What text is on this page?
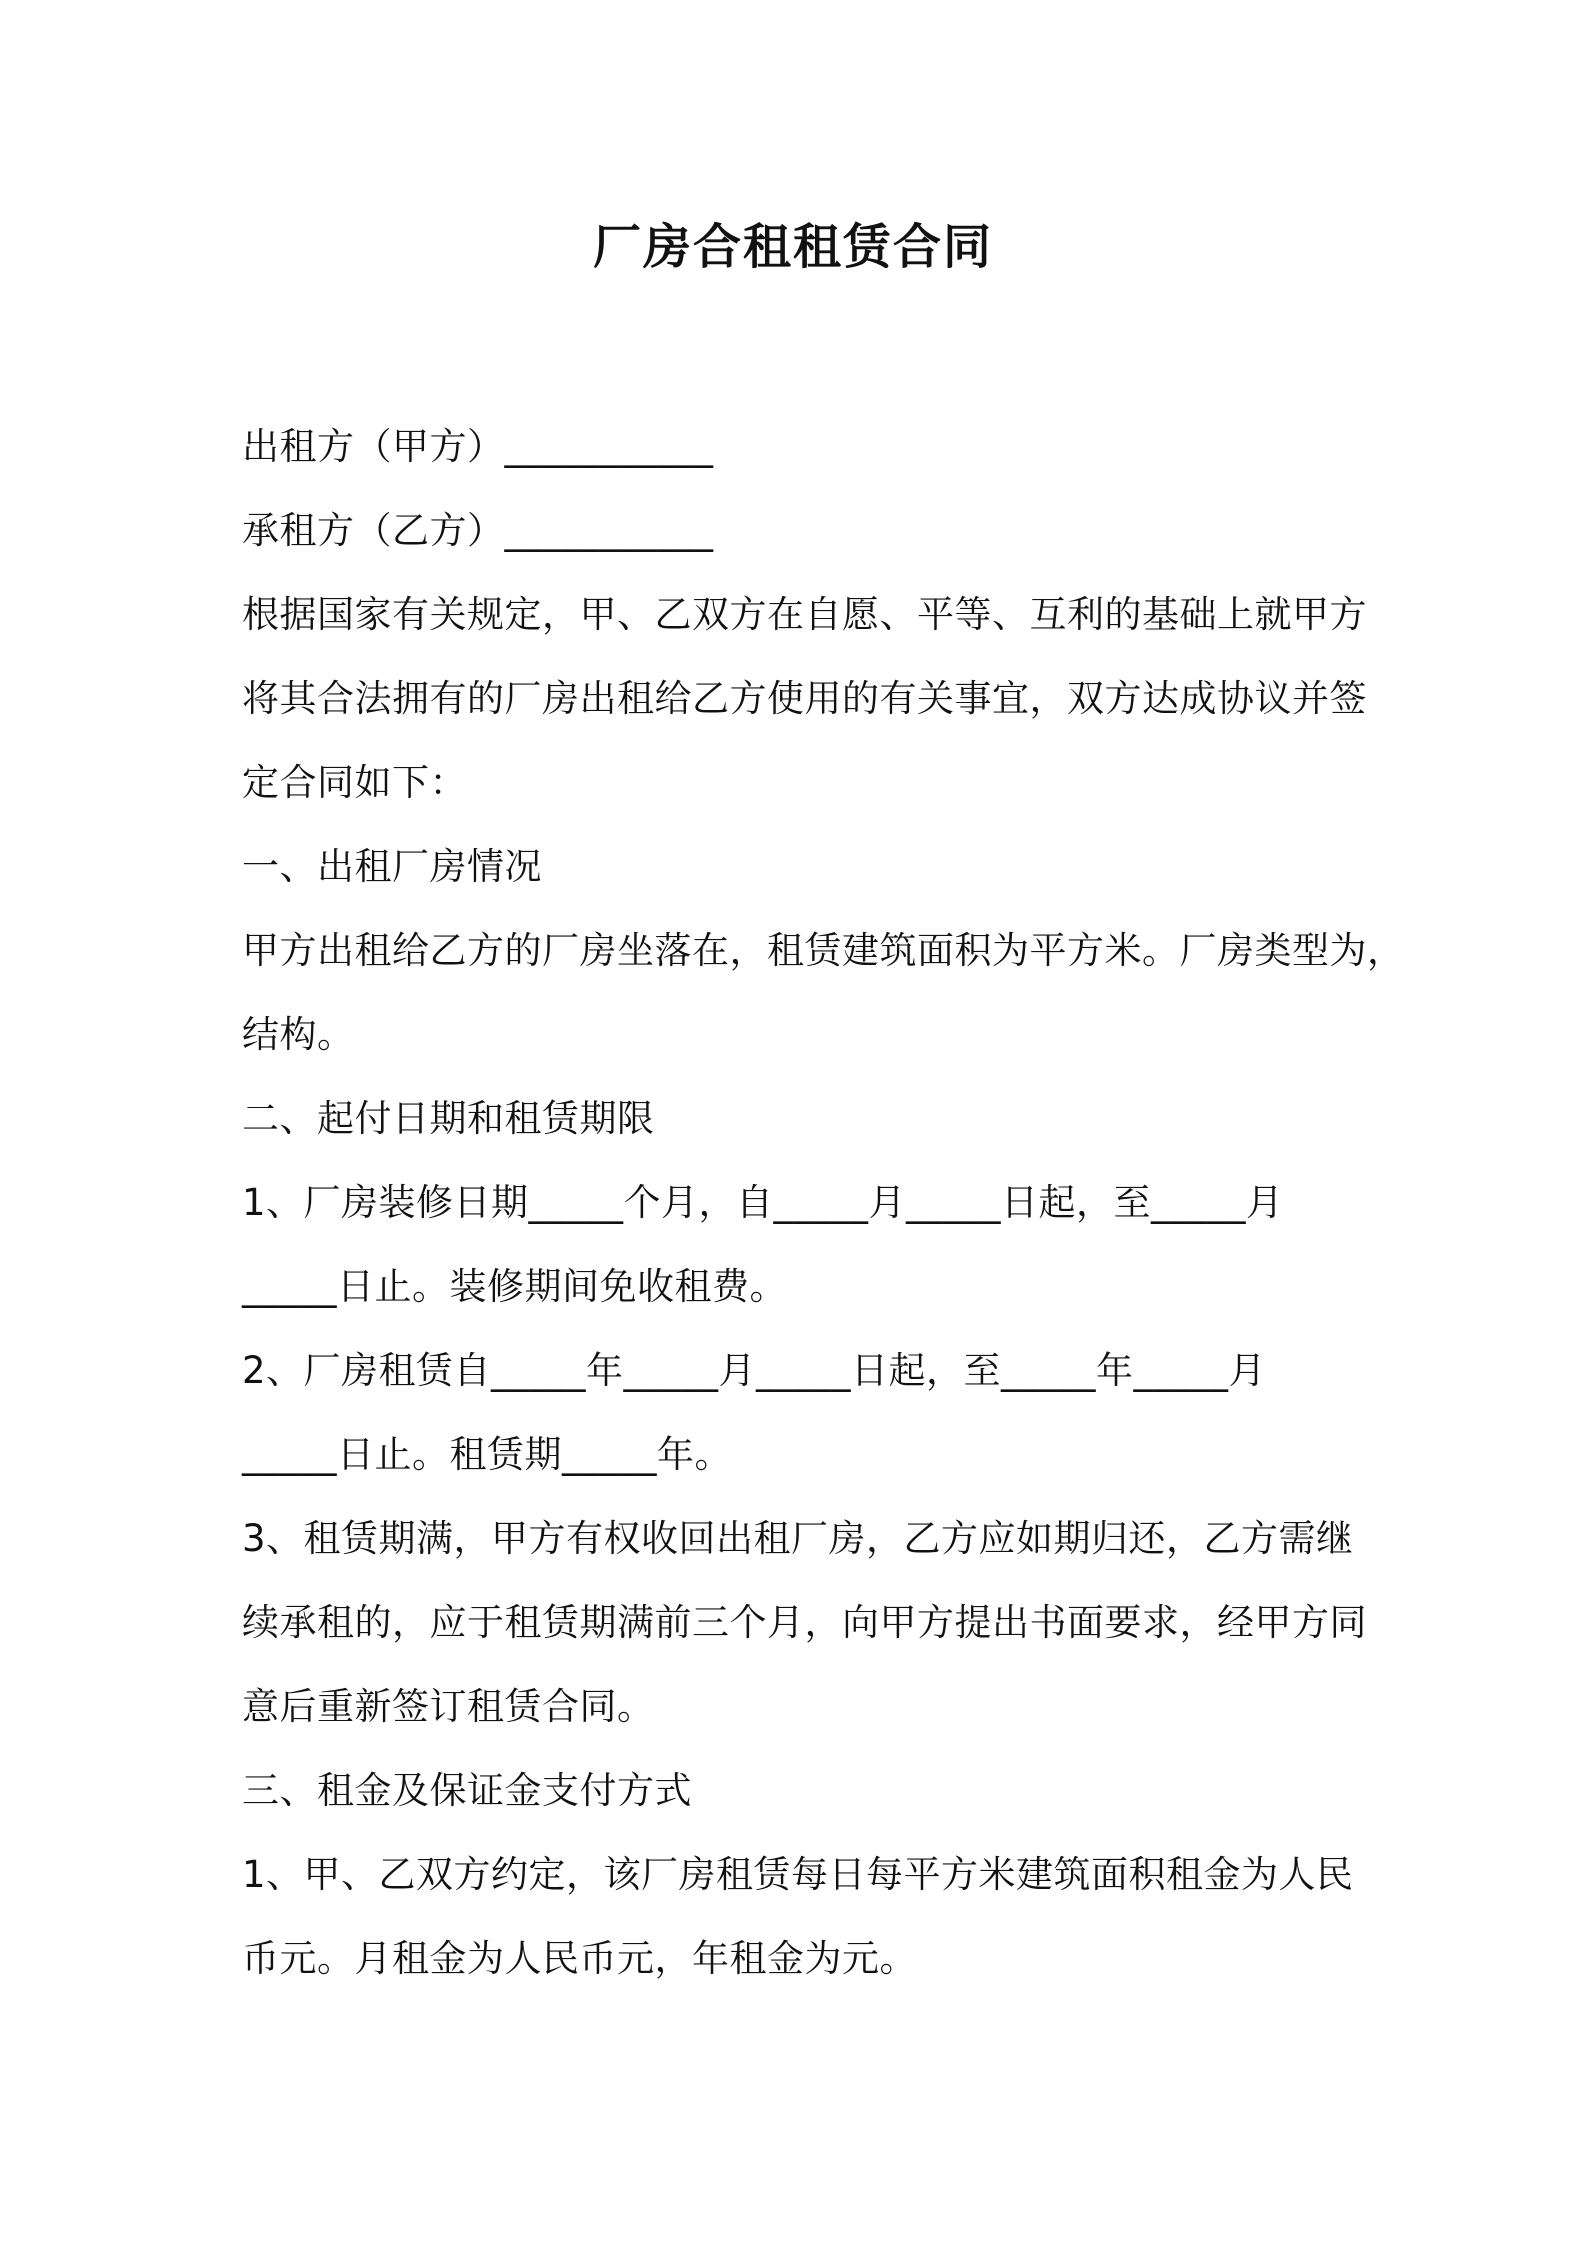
厂房合租租赁合同
出租方（甲方）___________
承租方（乙方）___________
根据国家有关规定，甲、乙双方在自愿、平等、互利的基础上就甲方
将其合法拥有的厂房出租给乙方使用的有关事宜，双方达成协议并签
定合同如下：
一、出租厂房情况
甲方出租给乙方的厂房坐落在，租赁建筑面积为平方米。厂房类型为，
结构。
二、起付日期和租赁期限
1、厂房装修日期_____个月，自_____月_____日起，至_____月
_____日止。装修期间免收租费。
2、厂房租赁自_____年_____月_____日起，至_____年_____月
_____日止。租赁期_____年。
3、租赁期满，甲方有权收回出租厂房，乙方应如期归还，乙方需继
续承租的，应于租赁期满前三个月，向甲方提出书面要求，经甲方同
意后重新签订租赁合同。
三、租金及保证金支付方式
1、甲、乙双方约定，该厂房租赁每日每平方米建筑面积租金为人民
币元。月租金为人民币元，年租金为元。
